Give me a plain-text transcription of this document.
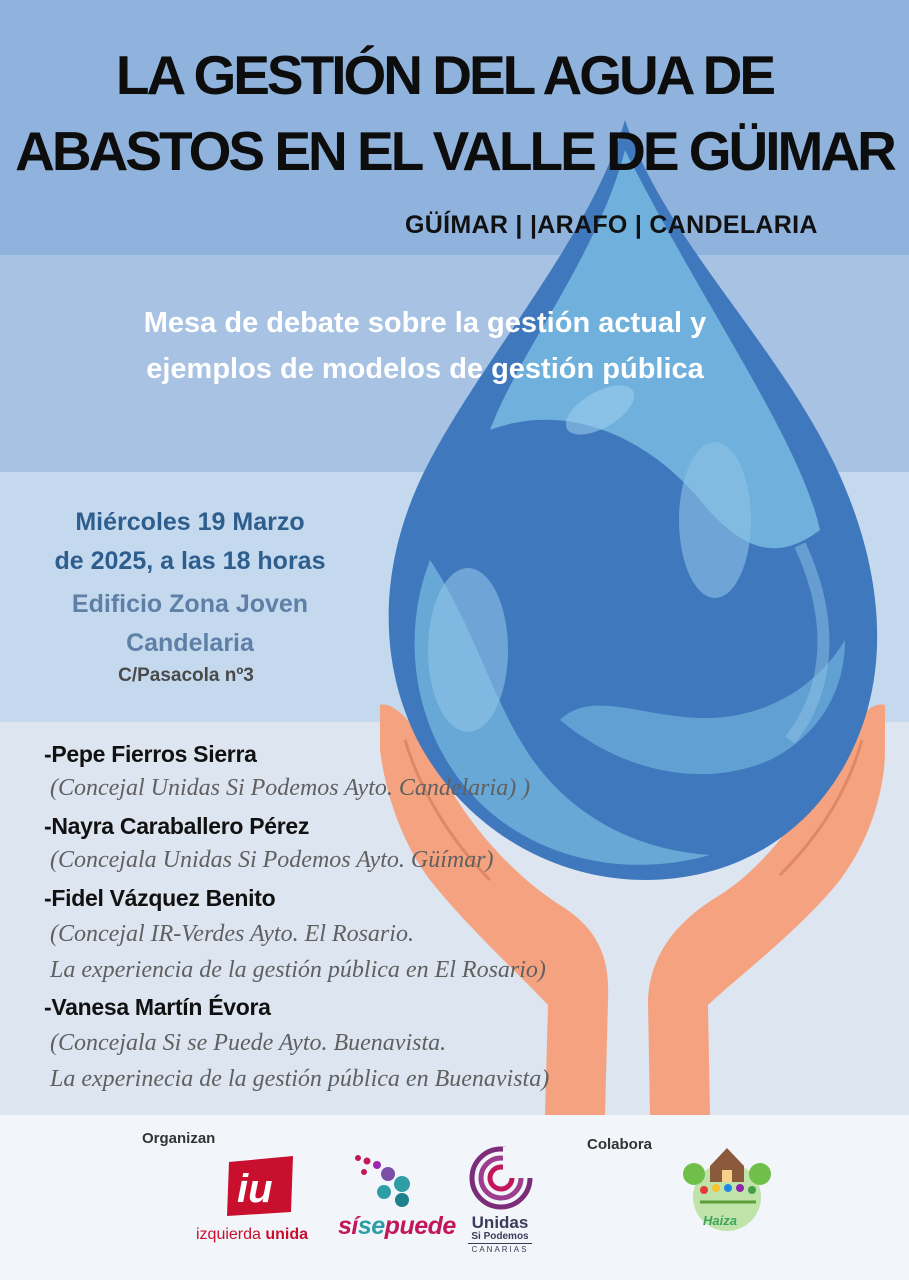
LA GESTIÓN DEL AGUA DE
ABASTOS EN EL VALLE DE GÜIMAR
GÜÍMAR | |ARAFO | CANDELARIA
Mesa de debate sobre la gestión actual y
ejemplos de modelos de gestión pública
Miércoles 19 Marzo
de 2025, a las 18 horas
Edificio Zona Joven
Candelaria
C/Pasacola nº3
-Pepe Fierros Sierra
(Concejal Unidas Si Podemos Ayto. Candelaria) )
-Nayra Caraballero Pérez
(Concejala Unidas Si Podemos Ayto. Güímar)
-Fidel Vázquez Benito
(Concejal IR-Verdes Ayto. El Rosario.
La experiencia de la gestión pública en El Rosario)
-Vanesa Martín Évora
(Concejala Si se Puede Ayto. Buenavista.
La experinecia de la gestión pública en Buenavista)
Organizan	Colabora
iu
izquierda unida sísepuede Unidas
Si Podemos
CANARIAS
Haiza
